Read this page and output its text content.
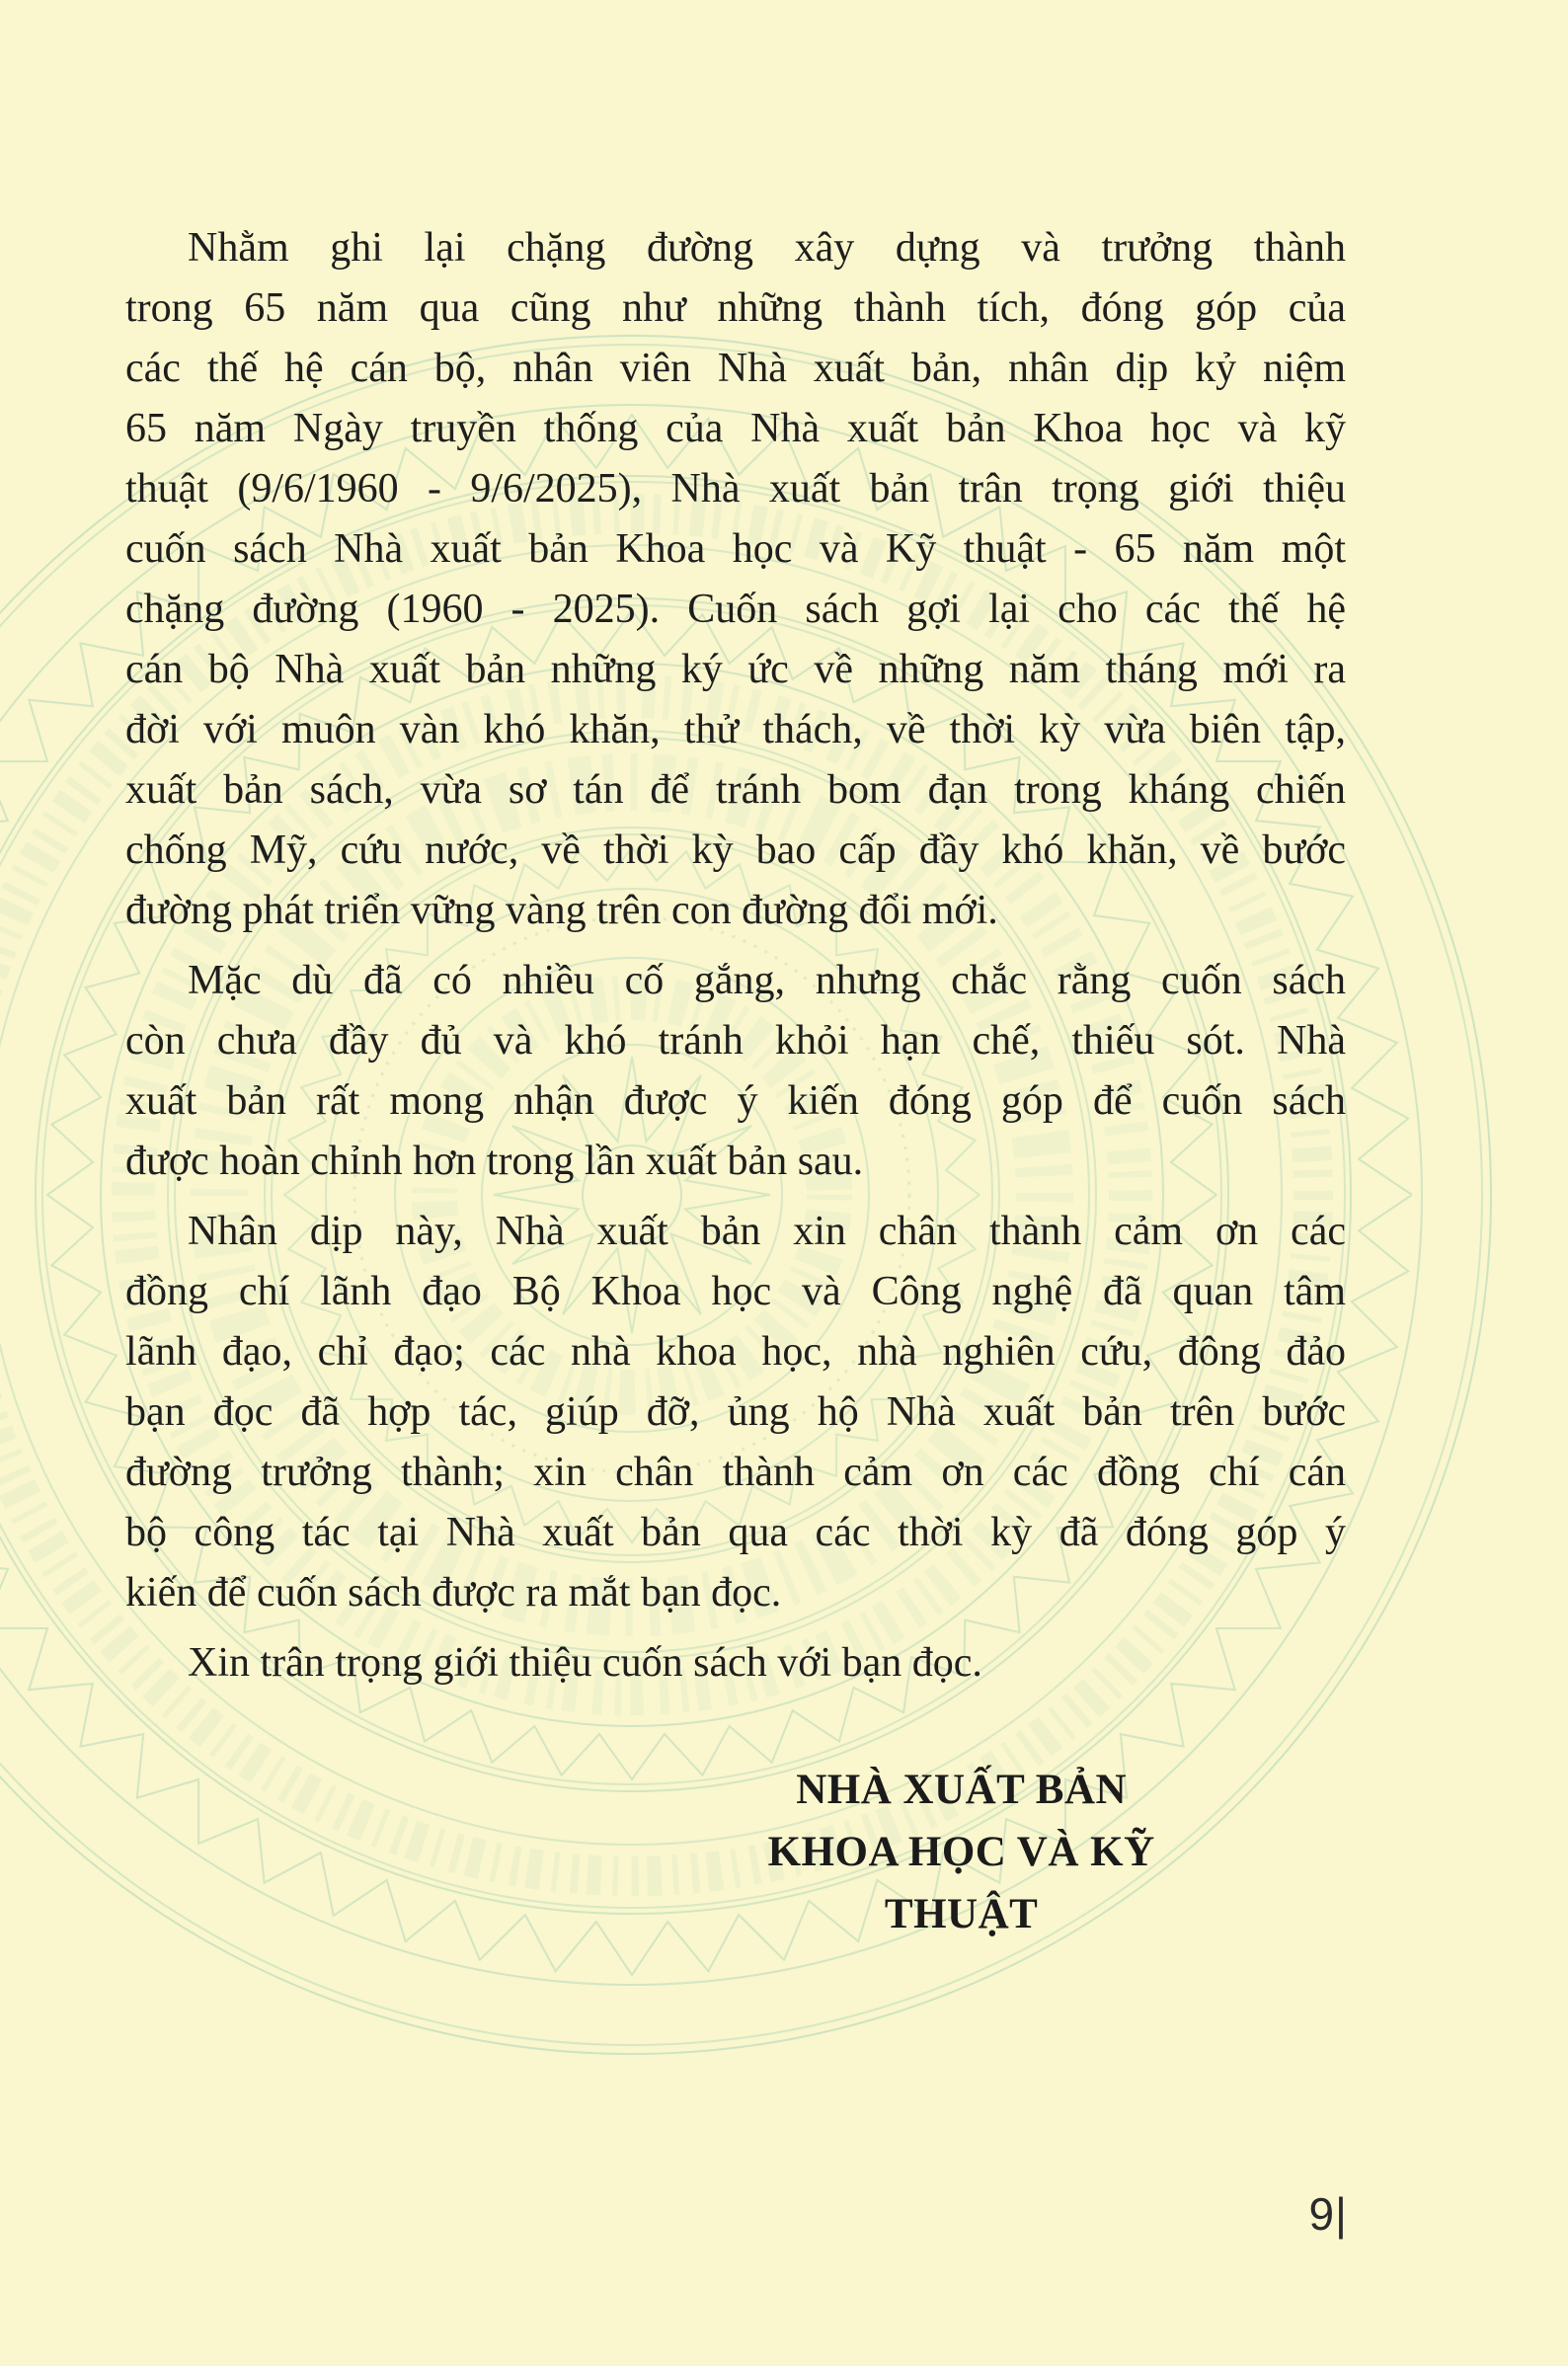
Nhằm ghi lại chặng đường xây dựng và trưởng thành
trong 65 năm qua cũng như những thành tích, đóng góp của
các thế hệ cán bộ, nhân viên Nhà xuất bản, nhân dịp kỷ niệm
65 năm Ngày truyền thống của Nhà xuất bản Khoa học và kỹ
thuật (9/6/1960 - 9/6/2025), Nhà xuất bản trân trọng giới thiệu
cuốn sách Nhà xuất bản Khoa học và Kỹ thuật - 65 năm một
chặng đường (1960 - 2025). Cuốn sách gợi lại cho các thế hệ
cán bộ Nhà xuất bản những ký ức về những năm tháng mới ra
đời với muôn vàn khó khăn, thử thách, về thời kỳ vừa biên tập,
xuất bản sách, vừa sơ tán để tránh bom đạn trong kháng chiến
chống Mỹ, cứu nước, về thời kỳ bao cấp đầy khó khăn, về bước
đường phát triển vững vàng trên con đường đổi mới.

Mặc dù đã có nhiều cố gắng, nhưng chắc rằng cuốn sách
còn chưa đầy đủ và khó tránh khỏi hạn chế, thiếu sót. Nhà
xuất bản rất mong nhận được ý kiến đóng góp để cuốn sách
được hoàn chỉnh hơn trong lần xuất bản sau.

Nhân dịp này, Nhà xuất bản xin chân thành cảm ơn các
đồng chí lãnh đạo Bộ Khoa học và Công nghệ đã quan tâm
lãnh đạo, chỉ đạo; các nhà khoa học, nhà nghiên cứu, đông đảo
bạn đọc đã hợp tác, giúp đỡ, ủng hộ Nhà xuất bản trên bước
đường trưởng thành; xin chân thành cảm ơn các đồng chí cán
bộ công tác tại Nhà xuất bản qua các thời kỳ đã đóng góp ý
kiến để cuốn sách được ra mắt bạn đọc.

Xin trân trọng giới thiệu cuốn sách với bạn đọc.

NHÀ XUẤT BẢN
KHOA HỌC VÀ KỸ THUẬT
9|
